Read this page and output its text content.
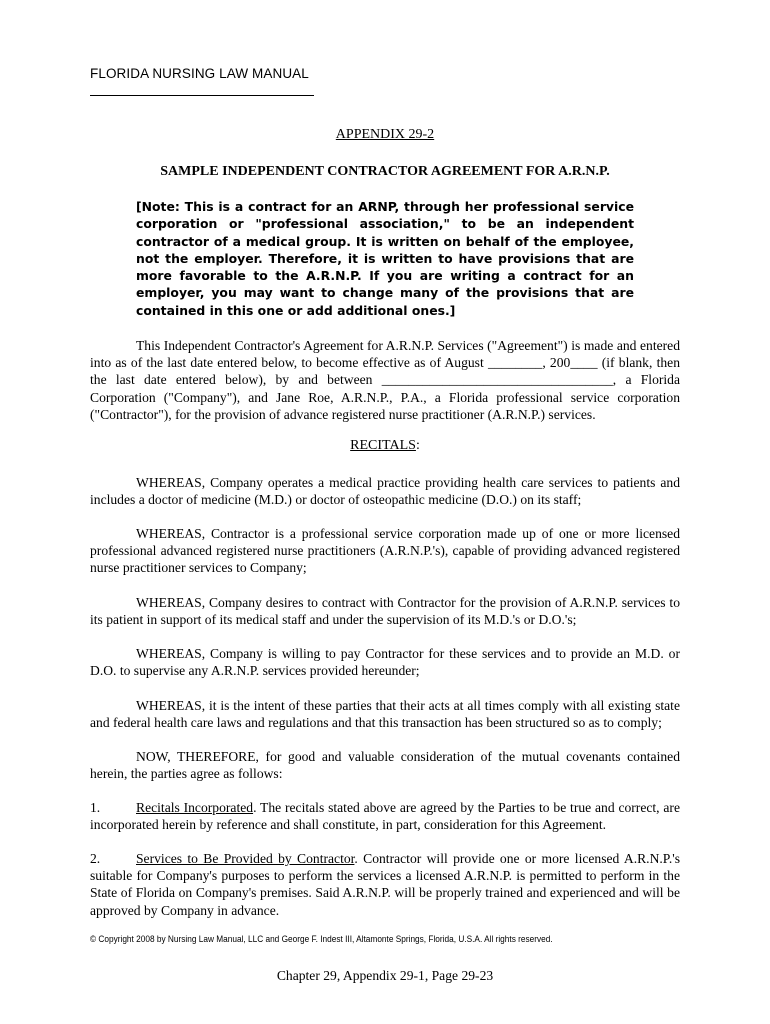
FLORIDA NURSING LAW MANUAL
APPENDIX 29-2
SAMPLE INDEPENDENT CONTRACTOR AGREEMENT FOR A.R.N.P.
[Note: This is a contract for an ARNP, through her professional service corporation or "professional association," to be an independent contractor of a medical group. It is written on behalf of the employee, not the employer. Therefore, it is written to have provisions that are more favorable to the A.R.N.P. If you are writing a contract for an employer, you may want to change many of the provisions that are contained in this one or add additional ones.]
This Independent Contractor's Agreement for A.R.N.P. Services ("Agreement") is made and entered into as of the last date entered below, to become effective as of August ________, 200____ (if blank, then the last date entered below), by and between __________________________________, a Florida Corporation ("Company"), and Jane Roe, A.R.N.P., P.A., a Florida professional service corporation ("Contractor"), for the provision of advance registered nurse practitioner (A.R.N.P.) services.
RECITALS:
WHEREAS, Company operates a medical practice providing health care services to patients and includes a doctor of medicine (M.D.) or doctor of osteopathic medicine (D.O.) on its staff;
WHEREAS, Contractor is a professional service corporation made up of one or more licensed professional advanced registered nurse practitioners (A.R.N.P.'s), capable of providing advanced registered nurse practitioner services to Company;
WHEREAS, Company desires to contract with Contractor for the provision of A.R.N.P. services to its patient in support of its medical staff and under the supervision of its M.D.'s or D.O.'s;
WHEREAS, Company is willing to pay Contractor for these services and to provide an M.D. or D.O. to supervise any A.R.N.P. services provided hereunder;
WHEREAS, it is the intent of these parties that their acts at all times comply with all existing state and federal health care laws and regulations and that this transaction has been structured so as to comply;
NOW, THEREFORE, for good and valuable consideration of the mutual covenants contained herein, the parties agree as follows:
1.	Recitals Incorporated. The recitals stated above are agreed by the Parties to be true and correct, are incorporated herein by reference and shall constitute, in part, consideration for this Agreement.
2.	Services to Be Provided by Contractor. Contractor will provide one or more licensed A.R.N.P.'s suitable for Company's purposes to perform the services a licensed A.R.N.P. is permitted to perform in the State of Florida on Company's premises. Said A.R.N.P. will be properly trained and experienced and will be approved by Company in advance.
© Copyright 2008 by Nursing Law Manual, LLC and George F. Indest III, Altamonte Springs, Florida, U.S.A. All rights reserved.
Chapter 29, Appendix 29-1, Page 29-23
